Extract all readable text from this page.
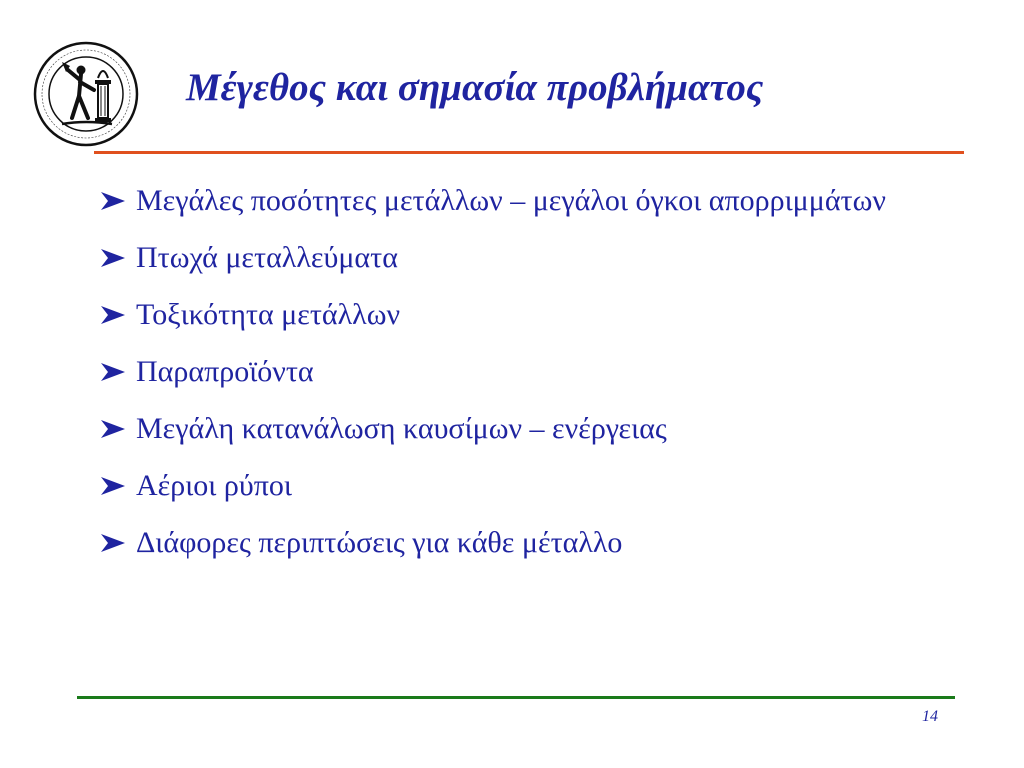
Μέγεθος και σημασία προβλήματος
Μεγάλες ποσότητες μετάλλων – μεγάλοι όγκοι απορριμμάτων
Πτωχά μεταλλεύματα
Τοξικότητα μετάλλων
Παραπροϊόντα
Μεγάλη κατανάλωση καυσίμων – ενέργειας
Αέριοι ρύποι
Διάφορες περιπτώσεις για κάθε μέταλλο
14
